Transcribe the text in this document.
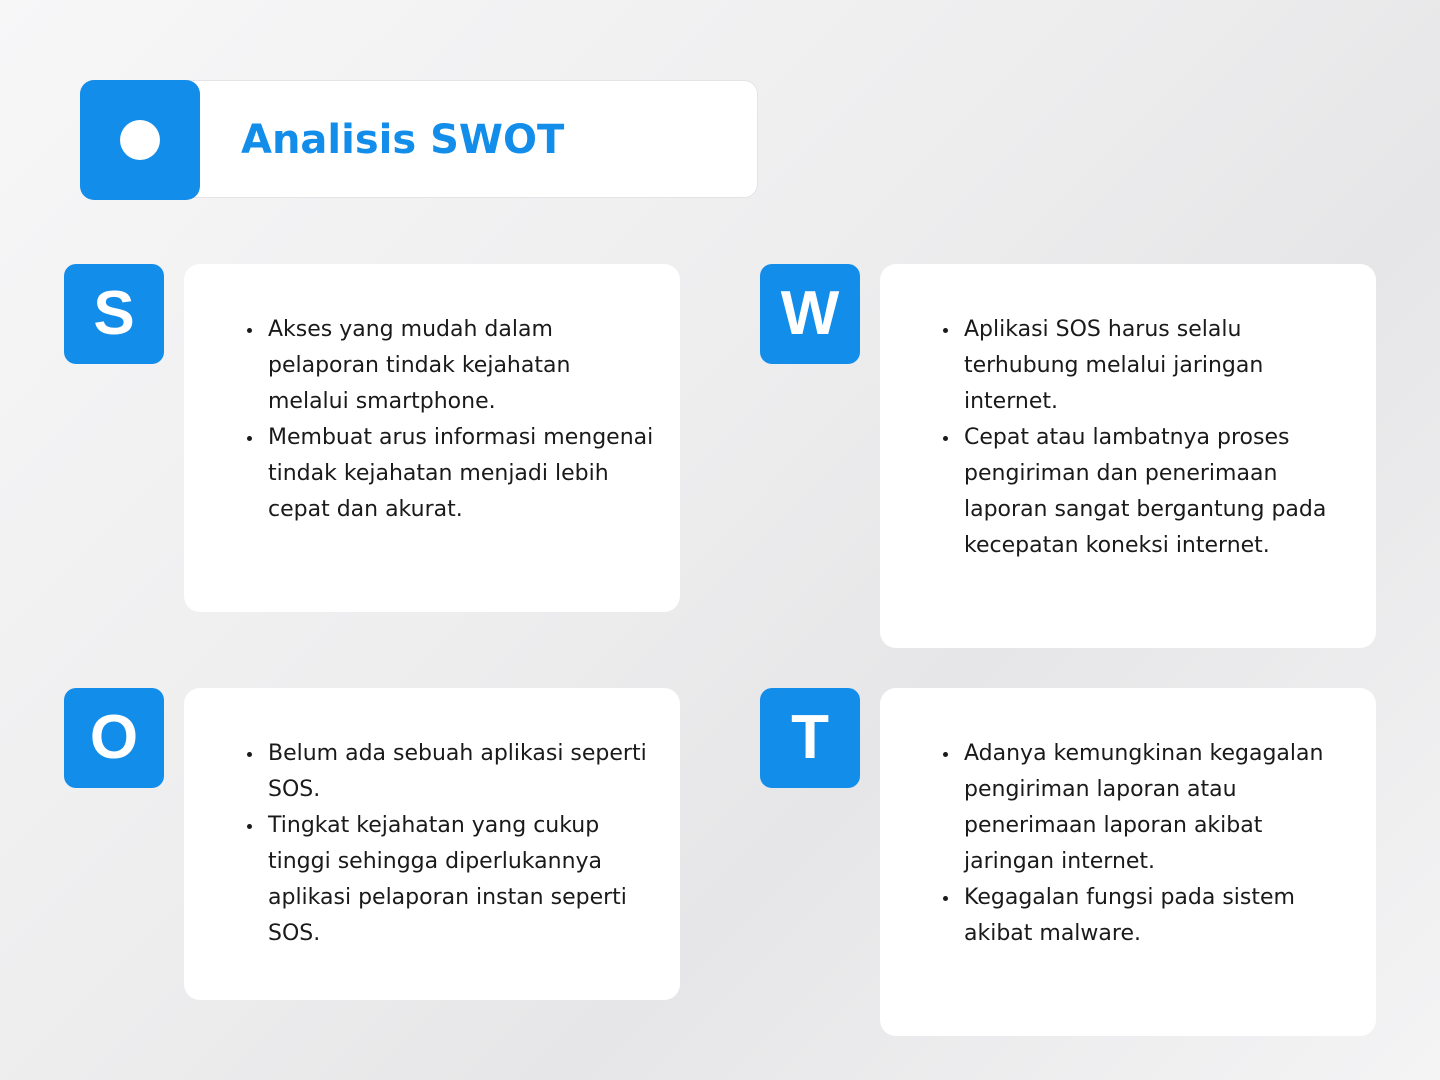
Analisis SWOT
S	Akses yang mudah dalam pelaporan tindak kejahatan melalui smartphone.
Membuat arus informasi mengenai tindak kejahatan menjadi lebih cepat dan akurat.
W	Aplikasi SOS harus selalu terhubung melalui jaringan internet.
Cepat atau lambatnya proses pengiriman dan penerimaan laporan sangat bergantung pada kecepatan koneksi internet.
O	Belum ada sebuah aplikasi seperti SOS.
Tingkat kejahatan yang cukup tinggi sehingga diperlukannya aplikasi pelaporan instan seperti SOS.
T	Adanya kemungkinan kegagalan pengiriman laporan atau penerimaan laporan akibat jaringan internet.
Kegagalan fungsi pada sistem akibat malware.
